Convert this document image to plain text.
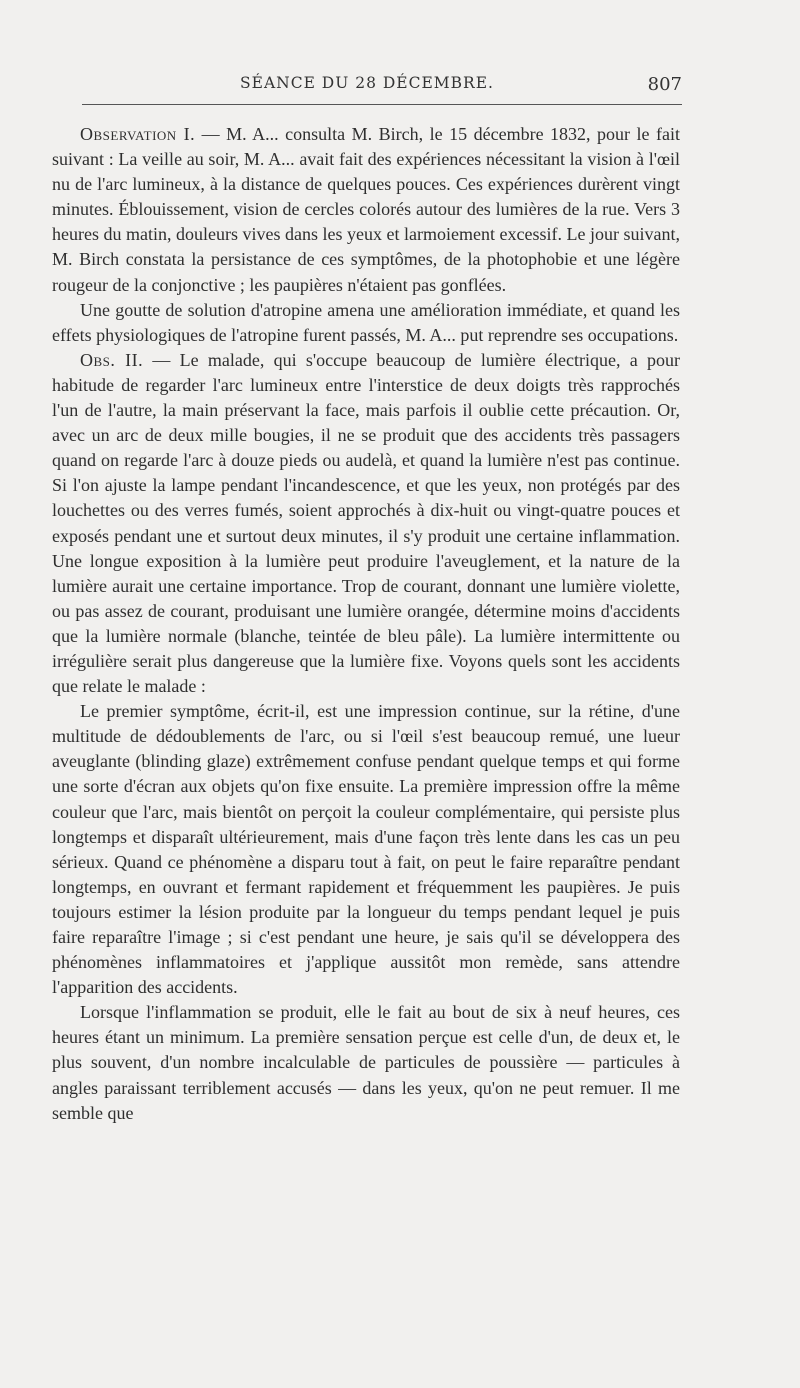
SÉANCE DU 28 DÉCEMBRE.	807

Observation I. — M. A... consulta M. Birch, le 15 décembre 1832, pour le fait suivant : La veille au soir, M. A... avait fait des expériences nécessitant la vision à l'œil nu de l'arc lumineux, à la distance de quelques pouces. Ces expériences durèrent vingt minutes. Éblouissement, vision de cercles colorés autour des lumières de la rue. Vers 3 heures du matin, douleurs vives dans les yeux et larmoiement excessif. Le jour suivant, M. Birch constata la persistance de ces symptômes, de la photophobie et une légère rougeur de la conjonctive ; les paupières n'étaient pas gonflées.

Une goutte de solution d'atropine amena une amélioration immédiate, et quand les effets physiologiques de l'atropine furent passés, M. A... put reprendre ses occupations.

Obs. II. — Le malade, qui s'occupe beaucoup de lumière électrique, a pour habitude de regarder l'arc lumineux entre l'interstice de deux doigts très rapprochés l'un de l'autre, la main préservant la face, mais parfois il oublie cette précaution. Or, avec un arc de deux mille bougies, il ne se produit que des accidents très passagers quand on regarde l'arc à douze pieds ou audelà, et quand la lumière n'est pas continue. Si l'on ajuste la lampe pendant l'incandescence, et que les yeux, non protégés par des louchettes ou des verres fumés, soient approchés à dix-huit ou vingt-quatre pouces et exposés pendant une et surtout deux minutes, il s'y produit une certaine inflammation. Une longue exposition à la lumière peut produire l'aveuglement, et la nature de la lumière aurait une certaine importance. Trop de courant, donnant une lumière violette, ou pas assez de courant, produisant une lumière orangée, détermine moins d'accidents que la lumière normale (blanche, teintée de bleu pâle). La lumière intermittente ou irrégulière serait plus dangereuse que la lumière fixe. Voyons quels sont les accidents que relate le malade :

Le premier symptôme, écrit-il, est une impression continue, sur la rétine, d'une multitude de dédoublements de l'arc, ou si l'œil s'est beaucoup remué, une lueur aveuglante (blinding glaze) extrêmement confuse pendant quelque temps et qui forme une sorte d'écran aux objets qu'on fixe ensuite. La première impression offre la même couleur que l'arc, mais bientôt on perçoit la couleur complémentaire, qui persiste plus longtemps et disparaît ultérieurement, mais d'une façon très lente dans les cas un peu sérieux. Quand ce phénomène a disparu tout à fait, on peut le faire reparaître pendant longtemps, en ouvrant et fermant rapidement et fréquemment les paupières. Je puis toujours estimer la lésion produite par la longueur du temps pendant lequel je puis faire reparaître l'image ; si c'est pendant une heure, je sais qu'il se développera des phénomènes inflammatoires et j'applique aussitôt mon remède, sans attendre l'apparition des accidents.

Lorsque l'inflammation se produit, elle le fait au bout de six à neuf heures, ces heures étant un minimum. La première sensation perçue est celle d'un, de deux et, le plus souvent, d'un nombre incalculable de particules de poussière — particules à angles paraissant terriblement accusés — dans les yeux, qu'on ne peut remuer. Il me semble que
